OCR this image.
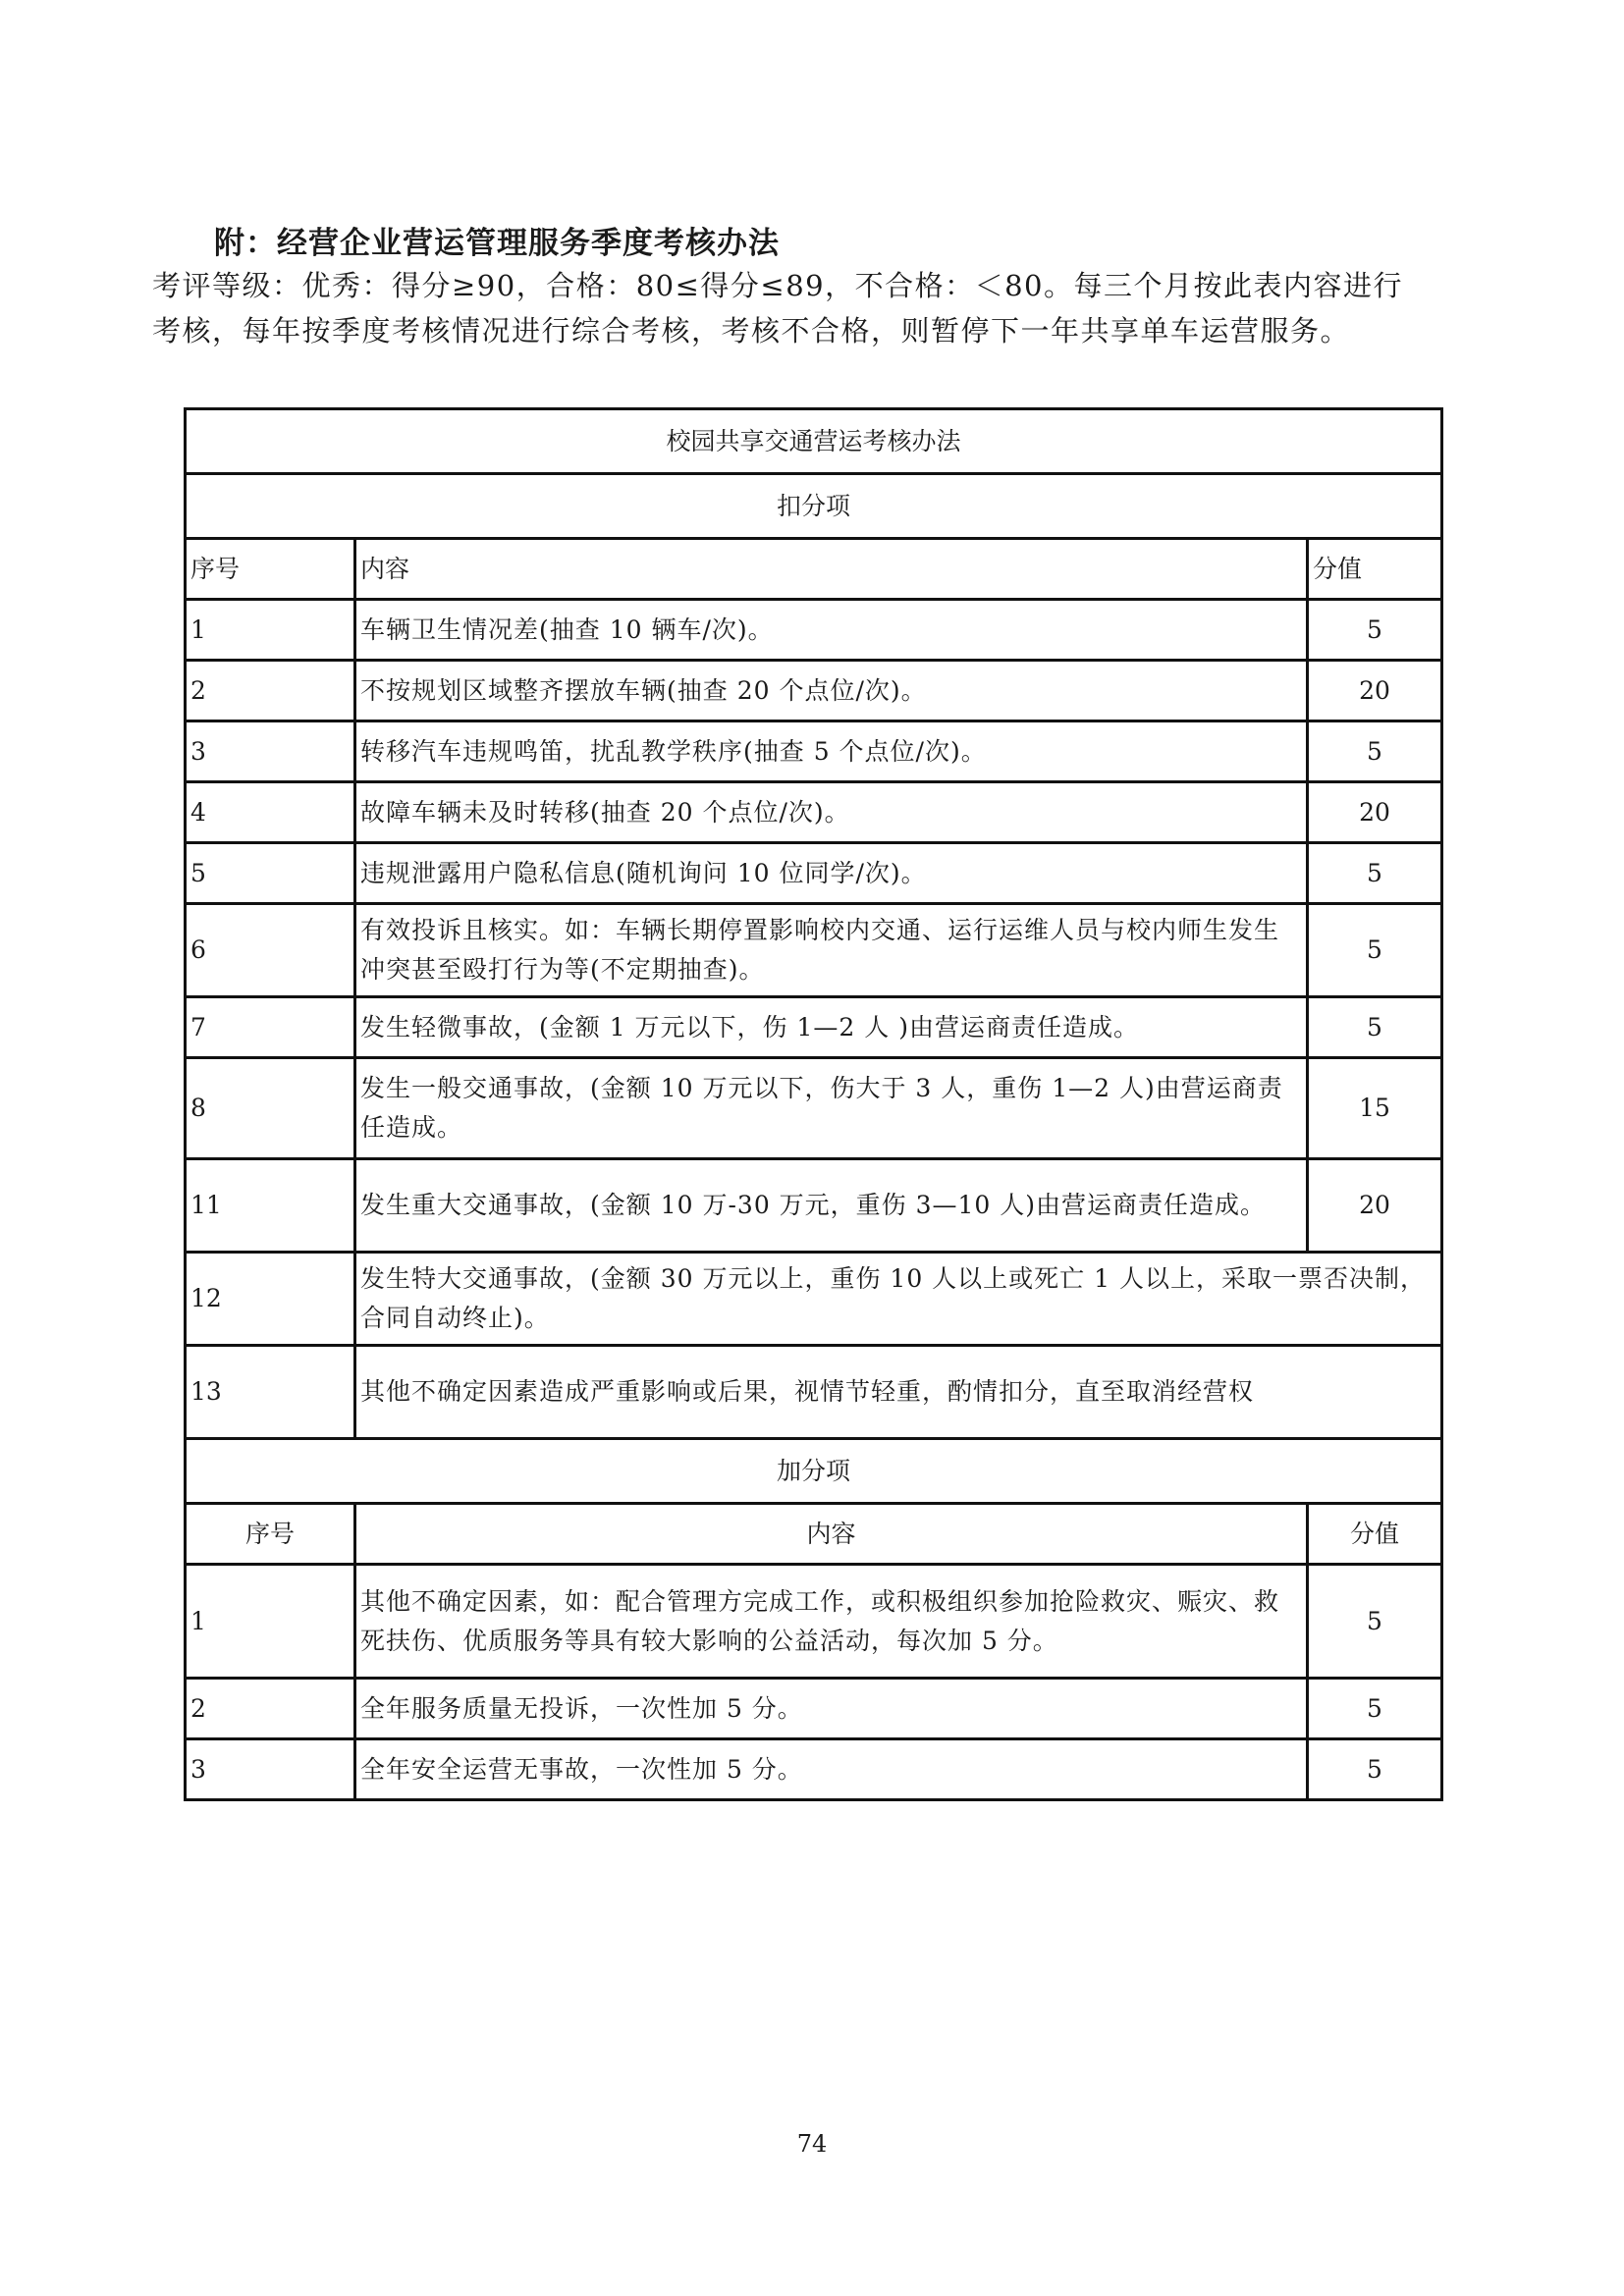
附：经营企业营运管理服务季度考核办法

考评等级：优秀：得分≥90，合格：80≤得分≤89，不合格：＜80。每三个月按此表内容进行

考核，每年按季度考核情况进行综合考核，考核不合格，则暂停下一年共享单车运营服务。

校园共享交通营运考核办法		
扣分项		
序号	内容	分值
1	车辆卫生情况差(抽查 10 辆车/次)。	5
2	不按规划区域整齐摆放车辆(抽查 20 个点位/次)。	20
3	转移汽车违规鸣笛，扰乱教学秩序(抽查 5 个点位/次)。	5
4	故障车辆未及时转移(抽查 20 个点位/次)。	20
5	违规泄露用户隐私信息(随机询问 10 位同学/次)。	5
6	有效投诉且核实。如：车辆长期停置影响校内交通、运行运维人员与校内师生发生冲突甚至殴打行为等(不定期抽查)。	5
7	发生轻微事故，(金额 1 万元以下，伤 1—2 人 )由营运商责任造成。	5
8	发生一般交通事故，(金额 10 万元以下，伤大于 3 人，重伤 1—2 人)由营运商责任造成。	15
11	发生重大交通事故，(金额 10 万-30 万元，重伤 3—10 人)由营运商责任造成。	20
12	发生特大交通事故，(金额 30 万元以上，重伤 10 人以上或死亡 1 人以上，采取一票否决制，合同自动终止)。	
13	其他不确定因素造成严重影响或后果，视情节轻重，酌情扣分，直至取消经营权	
加分项		
序号	内容	分值
1	其他不确定因素，如：配合管理方完成工作，或积极组织参加抢险救灾、赈灾、救死扶伤、优质服务等具有较大影响的公益活动，每次加 5 分。	5
2	全年服务质量无投诉，一次性加 5 分。	5
3	全年安全运营无事故，一次性加 5 分。	5
74
